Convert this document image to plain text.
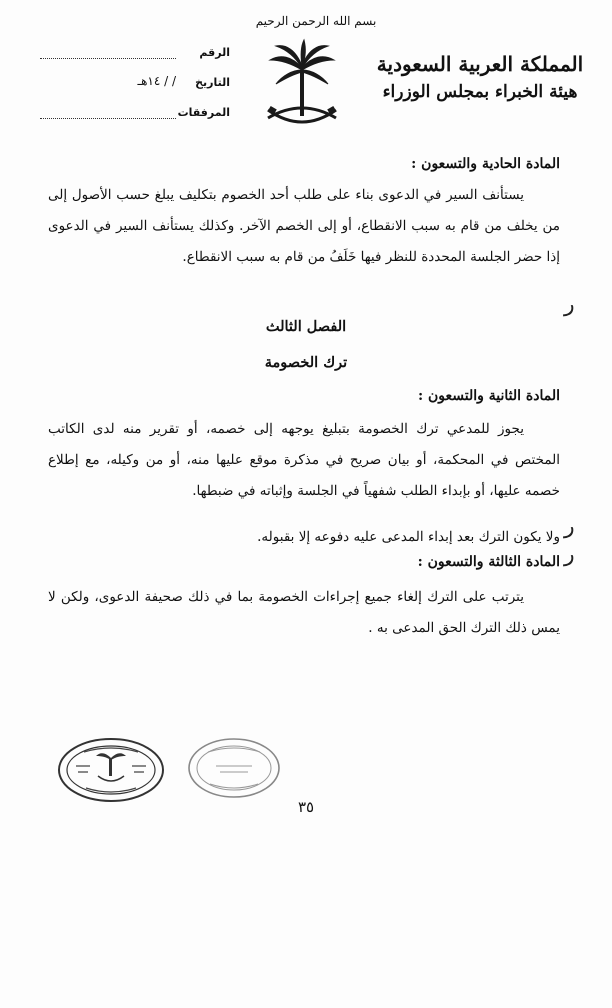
بسم الله الرحمن الرحيم
المملكة العربية السعودية
هيئة الخبراء بمجلس الوزراء
الرقم
التاريخ
/ / ١٤هـ
المرفقات
المادة الحادية والتسعون :
يستأنف السير في الدعوى بناء على طلب أحد الخصوم بتكليف يبلغ حسب الأصول إلى من يخلف من قام به سبب الانقطاع، أو إلى الخصم الآخر. وكذلك يستأنف السير في الدعوى إذا حضر الجلسة المحددة للنظر فيها خَلَفُ من قام به سبب الانقطاع.
الفصل الثالث
ترك الخصومة
المادة الثانية والتسعون :
يجوز للمدعي ترك الخصومة بتبليغ يوجهه إلى خصمه، أو تقرير منه لدى الكاتب المختص في المحكمة، أو بيان صريح في مذكرة موقع عليها منه، أو من وكيله، مع إطلاع خصمه عليها، أو بإبداء الطلب شفهياً في الجلسة وإثباته في ضبطها.
ولا يكون الترك بعد إبداء المدعى عليه دفوعه إلا بقبوله.
المادة الثالثة والتسعون :
يترتب على الترك إلغاء جميع إجراءات الخصومة بما في ذلك صحيفة الدعوى، ولكن لا يمس ذلك الترك الحق المدعى به .
ر
ر
ر
٣٥
